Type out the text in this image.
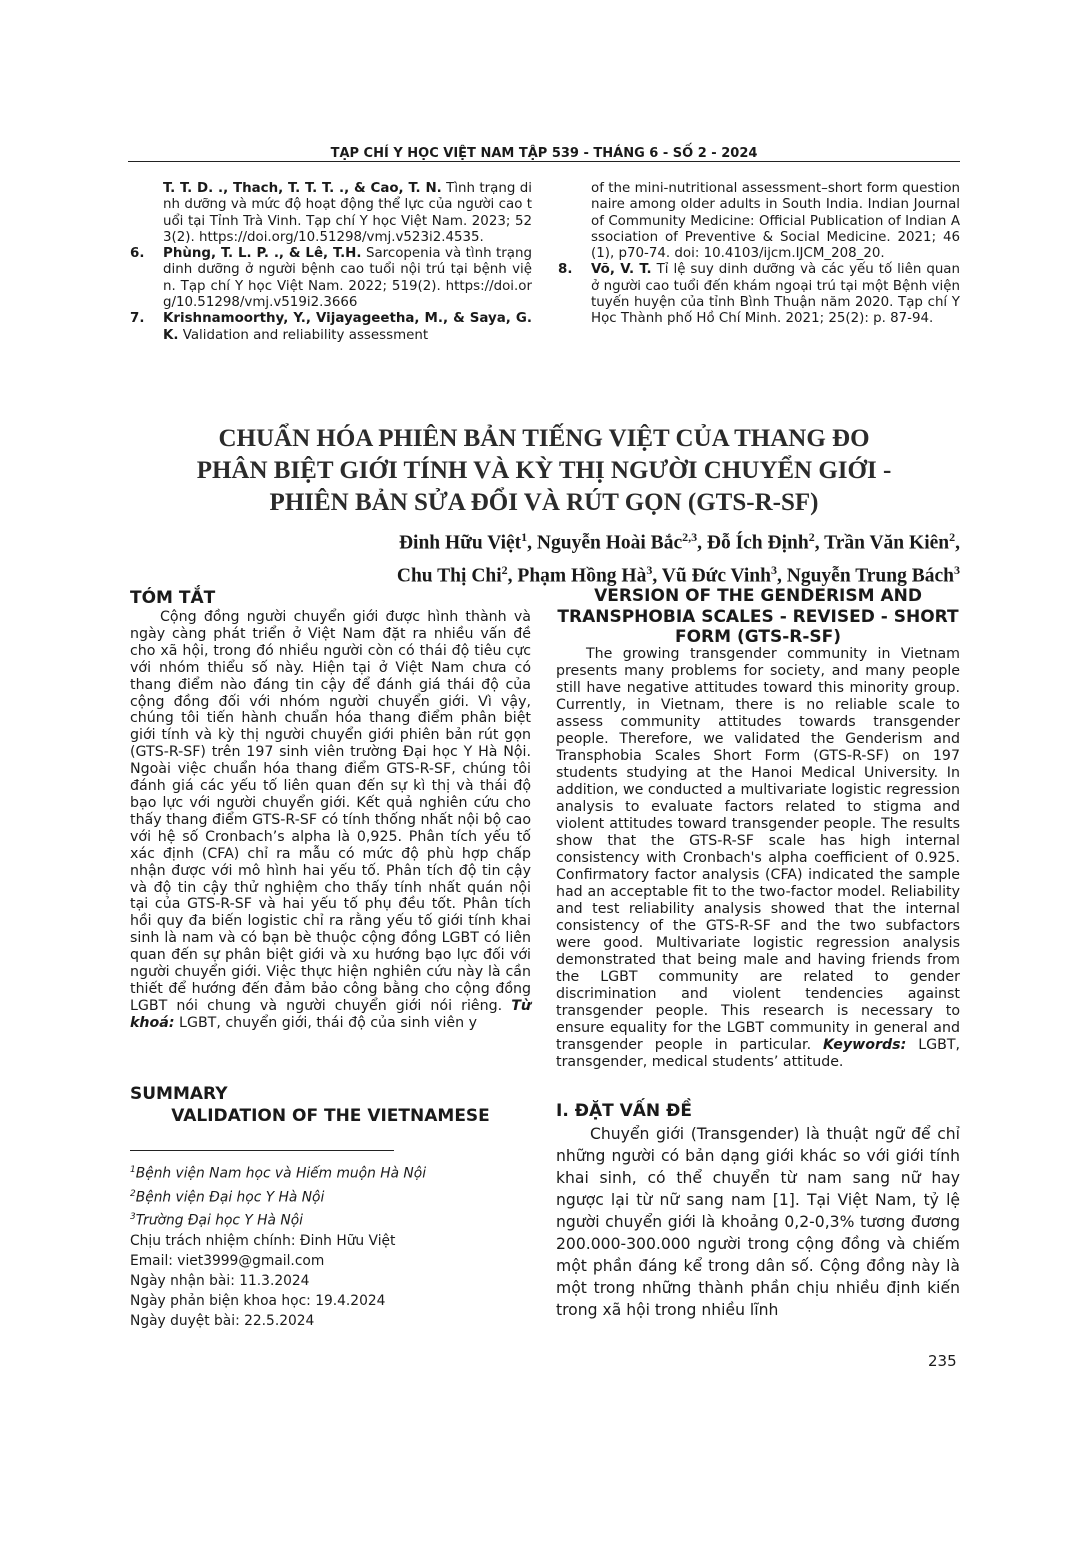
TẠP CHÍ Y HỌC VIỆT NAM TẬP 539 - THÁNG 6 - SỐ 2 - 2024
T. T. D. ., Thach, T. T. T. ., & Cao, T. N. Tình trạng dinh dưỡng và mức độ hoạt động thể lực của người cao tuổi tại Tỉnh Trà Vinh. Tạp chí Y học Việt Nam. 2023; 523(2). https://doi.org/10.51298/vmj.v523i2.4535.
6. Phùng, T. L. P. ., & Lê, T.H. Sarcopenia và tình trạng dinh dưỡng ở người bệnh cao tuổi nội trú tại bệnh viện. Tạp chí Y học Việt Nam. 2022; 519(2). https://doi.org/10.51298/vmj.v519i2.3666
7. Krishnamoorthy, Y., Vijayageetha, M., & Saya, G. K. Validation and reliability assessment
of the mini-nutritional assessment–short form questionnaire among older adults in South India. Indian Journal of Community Medicine: Official Publication of Indian Association of Preventive & Social Medicine. 2021; 46(1), p70-74. doi: 10.4103/ijcm.IJCM_208_20.
8. Võ, V. T. Tỉ lệ suy dinh dưỡng và các yếu tố liên quan ở người cao tuổi đến khám ngoại trú tại một Bệnh viện tuyến huyện của tỉnh Bình Thuận năm 2020. Tạp chí Y Học Thành phố Hồ Chí Minh. 2021; 25(2): p. 87-94.
CHUẨN HÓA PHIÊN BẢN TIẾNG VIỆT CỦA THANG ĐO
PHÂN BIỆT GIỚI TÍNH VÀ KỲ THỊ NGƯỜI CHUYỂN GIỚI -
PHIÊN BẢN SỬA ĐỔI VÀ RÚT GỌN (GTS-R-SF)
Đinh Hữu Việt$^1$, Nguyễn Hoài Bắc$^{2,3}$, Đỗ Ích Định$^2$, Trần Văn Kiên$^2$,
Chu Thị Chi$^2$, Phạm Hồng $Hà^3$, Vũ Đức Vinh$^3$, Nguyễn Trung Bách$^3$
TÓM TẮT
Cộng đồng người chuyển giới được hình thành và ngày càng phát triển ở Việt Nam đặt ra nhiều vấn đề cho xã hội, trong đó nhiều người còn có thái độ tiêu cực với nhóm thiểu số này. Hiện tại ở Việt Nam chưa có thang điểm nào đáng tin cậy để đánh giá thái độ của cộng đồng đối với nhóm người chuyển giới. Vì vậy, chúng tôi tiến hành chuẩn hóa thang điểm phân biệt giới tính và kỳ thị người chuyển giới phiên bản rút gọn (GTS-R-SF) trên 197 sinh viên trường Đại học Y Hà Nội. Ngoài việc chuẩn hóa thang điểm GTS-R-SF, chúng tôi đánh giá các yếu tố liên quan đến sự kì thị và thái độ bạo lực với người chuyển giới. Kết quả nghiên cứu cho thấy thang điểm GTS-R-SF có tính thống nhất nội bộ cao với hệ số Cronbach’s alpha là 0,925. Phân tích yếu tố xác định (CFA) chỉ ra mẫu có mức độ phù hợp chấp nhận được với mô hình hai yếu tố. Phân tích độ tin cậy và độ tin cậy thử nghiệm cho thấy tính nhất quán nội tại của GTS-R-SF và hai yếu tố phụ đều tốt. Phân tích hồi quy đa biến logistic chỉ ra rằng yếu tố giới tính khai sinh là nam và có bạn bè thuộc cộng đồng LGBT có liên quan đến sự phân biệt giới và xu hướng bạo lực đối với người chuyển giới. Việc thực hiện nghiên cứu này là cần thiết để hướng đến đảm bảo công bằng cho cộng đồng LGBT nói chung và người chuyển giới nói riêng. Từ khoá: LGBT, chuyển giới, thái độ của sinh viên y
SUMMARY
VALIDATION OF THE VIETNAMESE
$^1$Bệnh viện Nam học và Hiếm muộn Hà Nội
$^2$Bệnh viện Đại học Y Hà Nội
$^3$Trường Đại học Y Hà Nội
Chịu trách nhiệm chính: Đinh Hữu Việt
Email: viet3999@gmail.com
Ngày nhận bài: 11.3.2024
Ngày phản biện khoa học: 19.4.2024
Ngày duyệt bài: 22.5.2024
VERSION OF THE GENDERISM AND
TRANSPHOBIA SCALES - REVISED - SHORT
FORM (GTS-R-SF)
The growing transgender community in Vietnam presents many problems for society, and many people still have negative attitudes toward this minority group. Currently, in Vietnam, there is no reliable scale to assess community attitudes towards transgender people. Therefore, we validated the Genderism and Transphobia Scales Short Form (GTS-R-SF) on 197 students studying at the Hanoi Medical University. In addition, we conducted a multivariate logistic regression analysis to evaluate factors related to stigma and violent attitudes toward transgender people. The results show that the GTS-R-SF scale has high internal consistency with Cronbach's alpha coefficient of 0.925. Confirmatory factor analysis (CFA) indicated the sample had an acceptable fit to the two-factor model. Reliability and test reliability analysis showed that the internal consistency of the GTS-R-SF and the two subfactors were good. Multivariate logistic regression analysis demonstrated that being male and having friends from the LGBT community are related to gender discrimination and violent tendencies against transgender people. This research is necessary to ensure equality for the LGBT community in general and transgender people in particular. Keywords: LGBT, transgender, medical students’ attitude.
I. ĐẶT VẤN ĐỀ
Chuyển giới (Transgender) là thuật ngữ để chỉ những người có bản dạng giới khác so với giới tính khai sinh, có thể chuyển từ nam sang nữ hay ngược lại từ nữ sang nam [1]. Tại Việt Nam, tỷ lệ người chuyển giới là khoảng 0,2-0,3% tương đương 200.000-300.000 người trong cộng đồng và chiếm một phần đáng kể trong dân số. Cộng đồng này là một trong những thành phần chịu nhiều định kiến trong xã hội trong nhiều lĩnh
235
